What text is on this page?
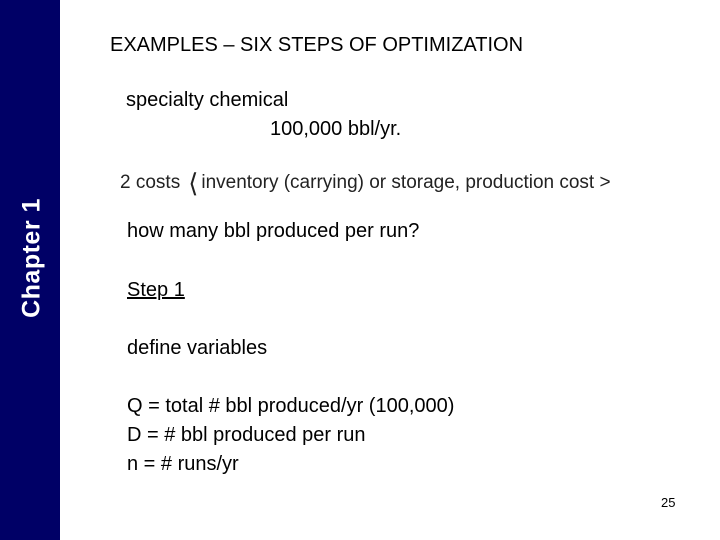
Chapter 1
EXAMPLES – SIX STEPS OF OPTIMIZATION
specialty chemical
100,000 bbl/yr.
2 costs ⟨ inventory (carrying) or storage, production cost >
how many bbl produced per run?
Step 1
define variables
Q = total # bbl produced/yr (100,000)
D = # bbl produced per run
n = # runs/yr
25
